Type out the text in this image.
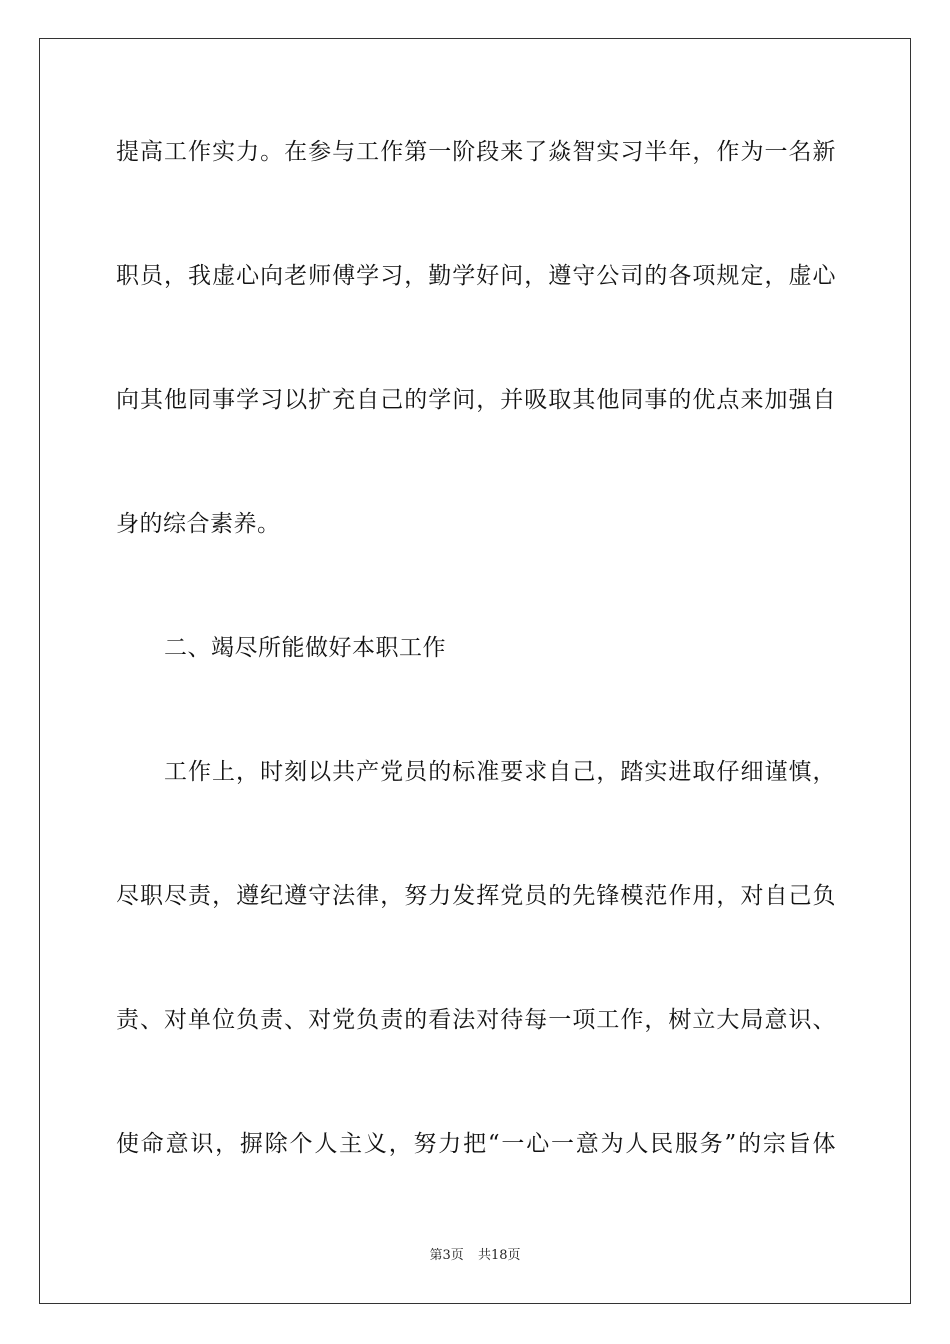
提高工作实力。在参与工作第一阶段来了焱智实习半年，作为一名新
职员，我虚心向老师傅学习，勤学好问，遵守公司的各项规定，虚心
向其他同事学习以扩充自己的学问，并吸取其他同事的优点来加强自
身的综合素养。
二、竭尽所能做好本职工作
工作上，时刻以共产党员的标准要求自己，踏实进取仔细谨慎，
尽职尽责，遵纪遵守法律，努力发挥党员的先锋模范作用，对自己负
责、对单位负责、对党负责的看法对待每一项工作，树立大局意识、
使命意识，摒除个人主义，努力把“一心一意为人民服务”的宗旨体
第3页 共18页
